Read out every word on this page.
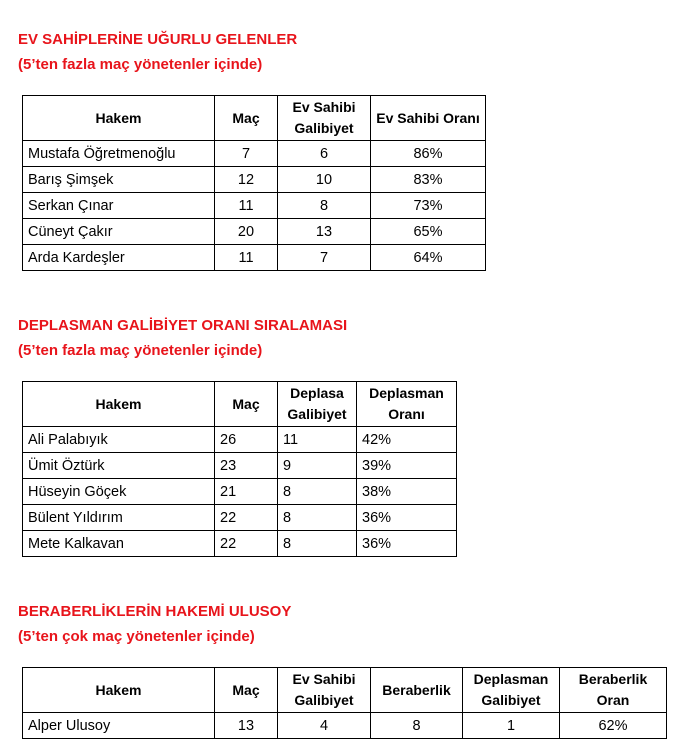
EV SAHİPLERİNE UĞURLU GELENLER

(5’ten fazla maç yönetenler içinde)

Hakem	Maç	Ev Sahibi Galibiyet	Ev Sahibi Oranı
Mustafa Öğretmenoğlu	7	6	86%
Barış Şimşek	12	10	83%
Serkan Çınar	11	8	73%
Cüneyt Çakır	20	13	65%
Arda Kardeşler	11	7	64%
DEPLASMAN GALİBİYET ORANI SIRALAMASI

(5’ten fazla maç yönetenler içinde)

Hakem	Maç	Deplasa Galibiyet	Deplasman Oranı
Ali Palabıyık	26	11	42%
Ümit Öztürk	23	9	39%
Hüseyin Göçek	21	8	38%
Bülent Yıldırım	22	8	36%
Mete Kalkavan	22	8	36%
BERABERLİKLERİN HAKEMİ ULUSOY

(5’ten çok maç yönetenler içinde)

Hakem	Maç	Ev Sahibi Galibiyet	Beraberlik	Deplasman Galibiyet	Beraberlik Oran
Alper Ulusoy	13	4	8	1	62%
